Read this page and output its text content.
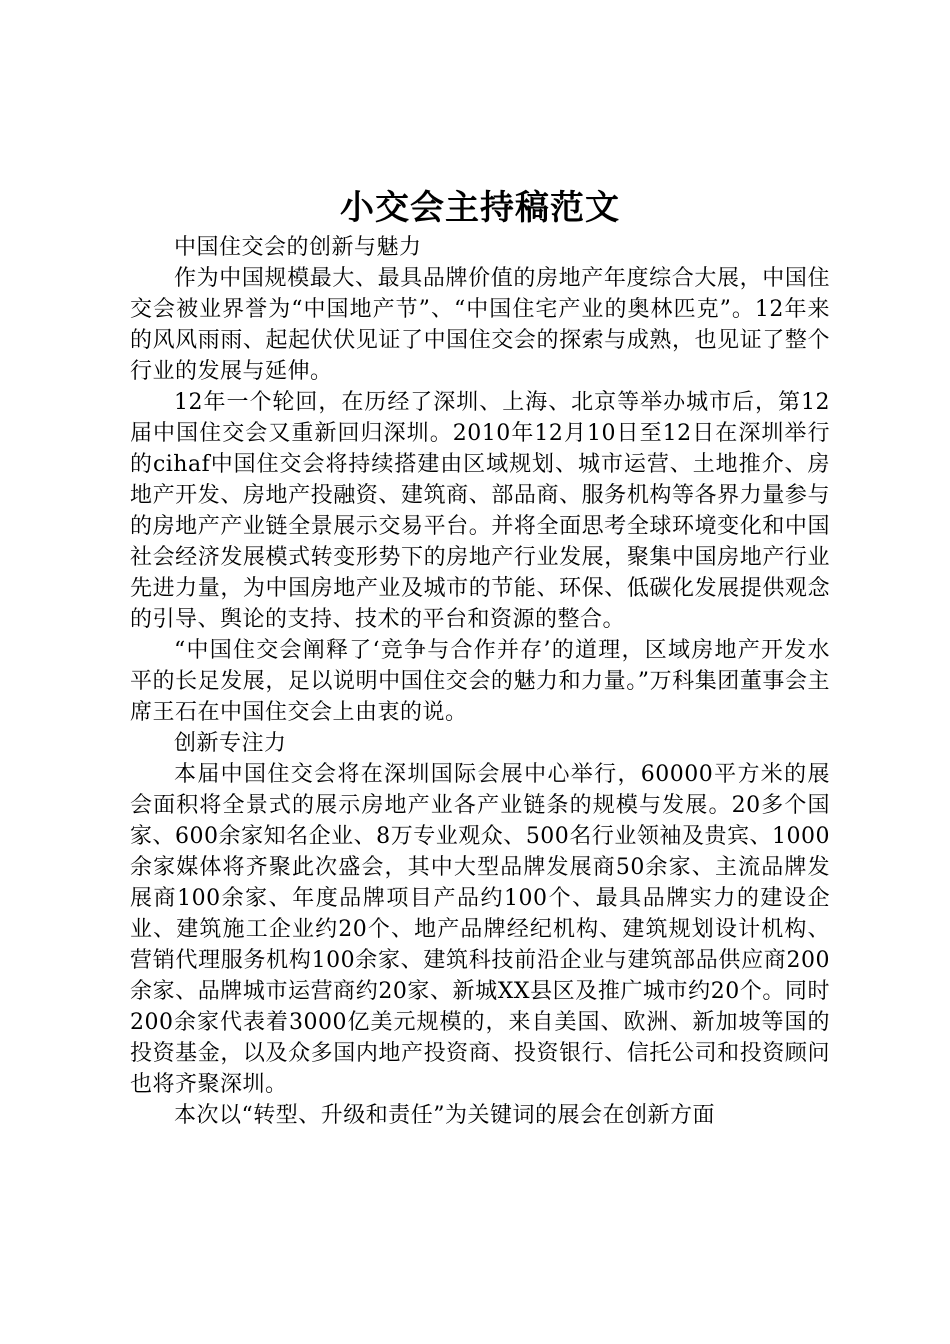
小交会主持稿范文

中国住交会的创新与魅力

作为中国规模最大、最具品牌价值的房地产年度综合大展，中国住交会被业界誉为“中国地产节”、“中国住宅产业的奥林匹克”。12年来的风风雨雨、起起伏伏见证了中国住交会的探索与成熟，也见证了整个行业的发展与延伸。

12年一个轮回，在历经了深圳、上海、北京等举办城市后，第12届中国住交会又重新回归深圳。2010年12月10日至12日在深圳举行的cihaf中国住交会将持续搭建由区域规划、城市运营、土地推介、房地产开发、房地产投融资、建筑商、部品商、服务机构等各界力量参与的房地产产业链全景展示交易平台。并将全面思考全球环境变化和中国社会经济发展模式转变形势下的房地产行业发展，聚集中国房地产行业先进力量，为中国房地产业及城市的节能、环保、低碳化发展提供观念的引导、舆论的支持、技术的平台和资源的整合。

“中国住交会阐释了‘竞争与合作并存’的道理，区域房地产开发水平的长足发展，足以说明中国住交会的魅力和力量。”万科集团董事会主席王石在中国住交会上由衷的说。

创新专注力

本届中国住交会将在深圳国际会展中心举行，60000平方米的展会面积将全景式的展示房地产业各产业链条的规模与发展。20多个国家、600余家知名企业、8万专业观众、500名行业领袖及贵宾、1000余家媒体将齐聚此次盛会，其中大型品牌发展商50余家、主流品牌发展商100余家、年度品牌项目产品约100个、最具品牌实力的建设企业、建筑施工企业约20个、地产品牌经纪机构、建筑规划设计机构、营销代理服务机构100余家、建筑科技前沿企业与建筑部品供应商200余家、品牌城市运营商约20家、新城XX县区及推广城市约20个。同时200余家代表着3000亿美元规模的，来自美国、欧洲、新加坡等国的投资基金，以及众多国内地产投资商、投资银行、信托公司和投资顾问也将齐聚深圳。

本次以“转型、升级和责任”为关键词的展会在创新方面
